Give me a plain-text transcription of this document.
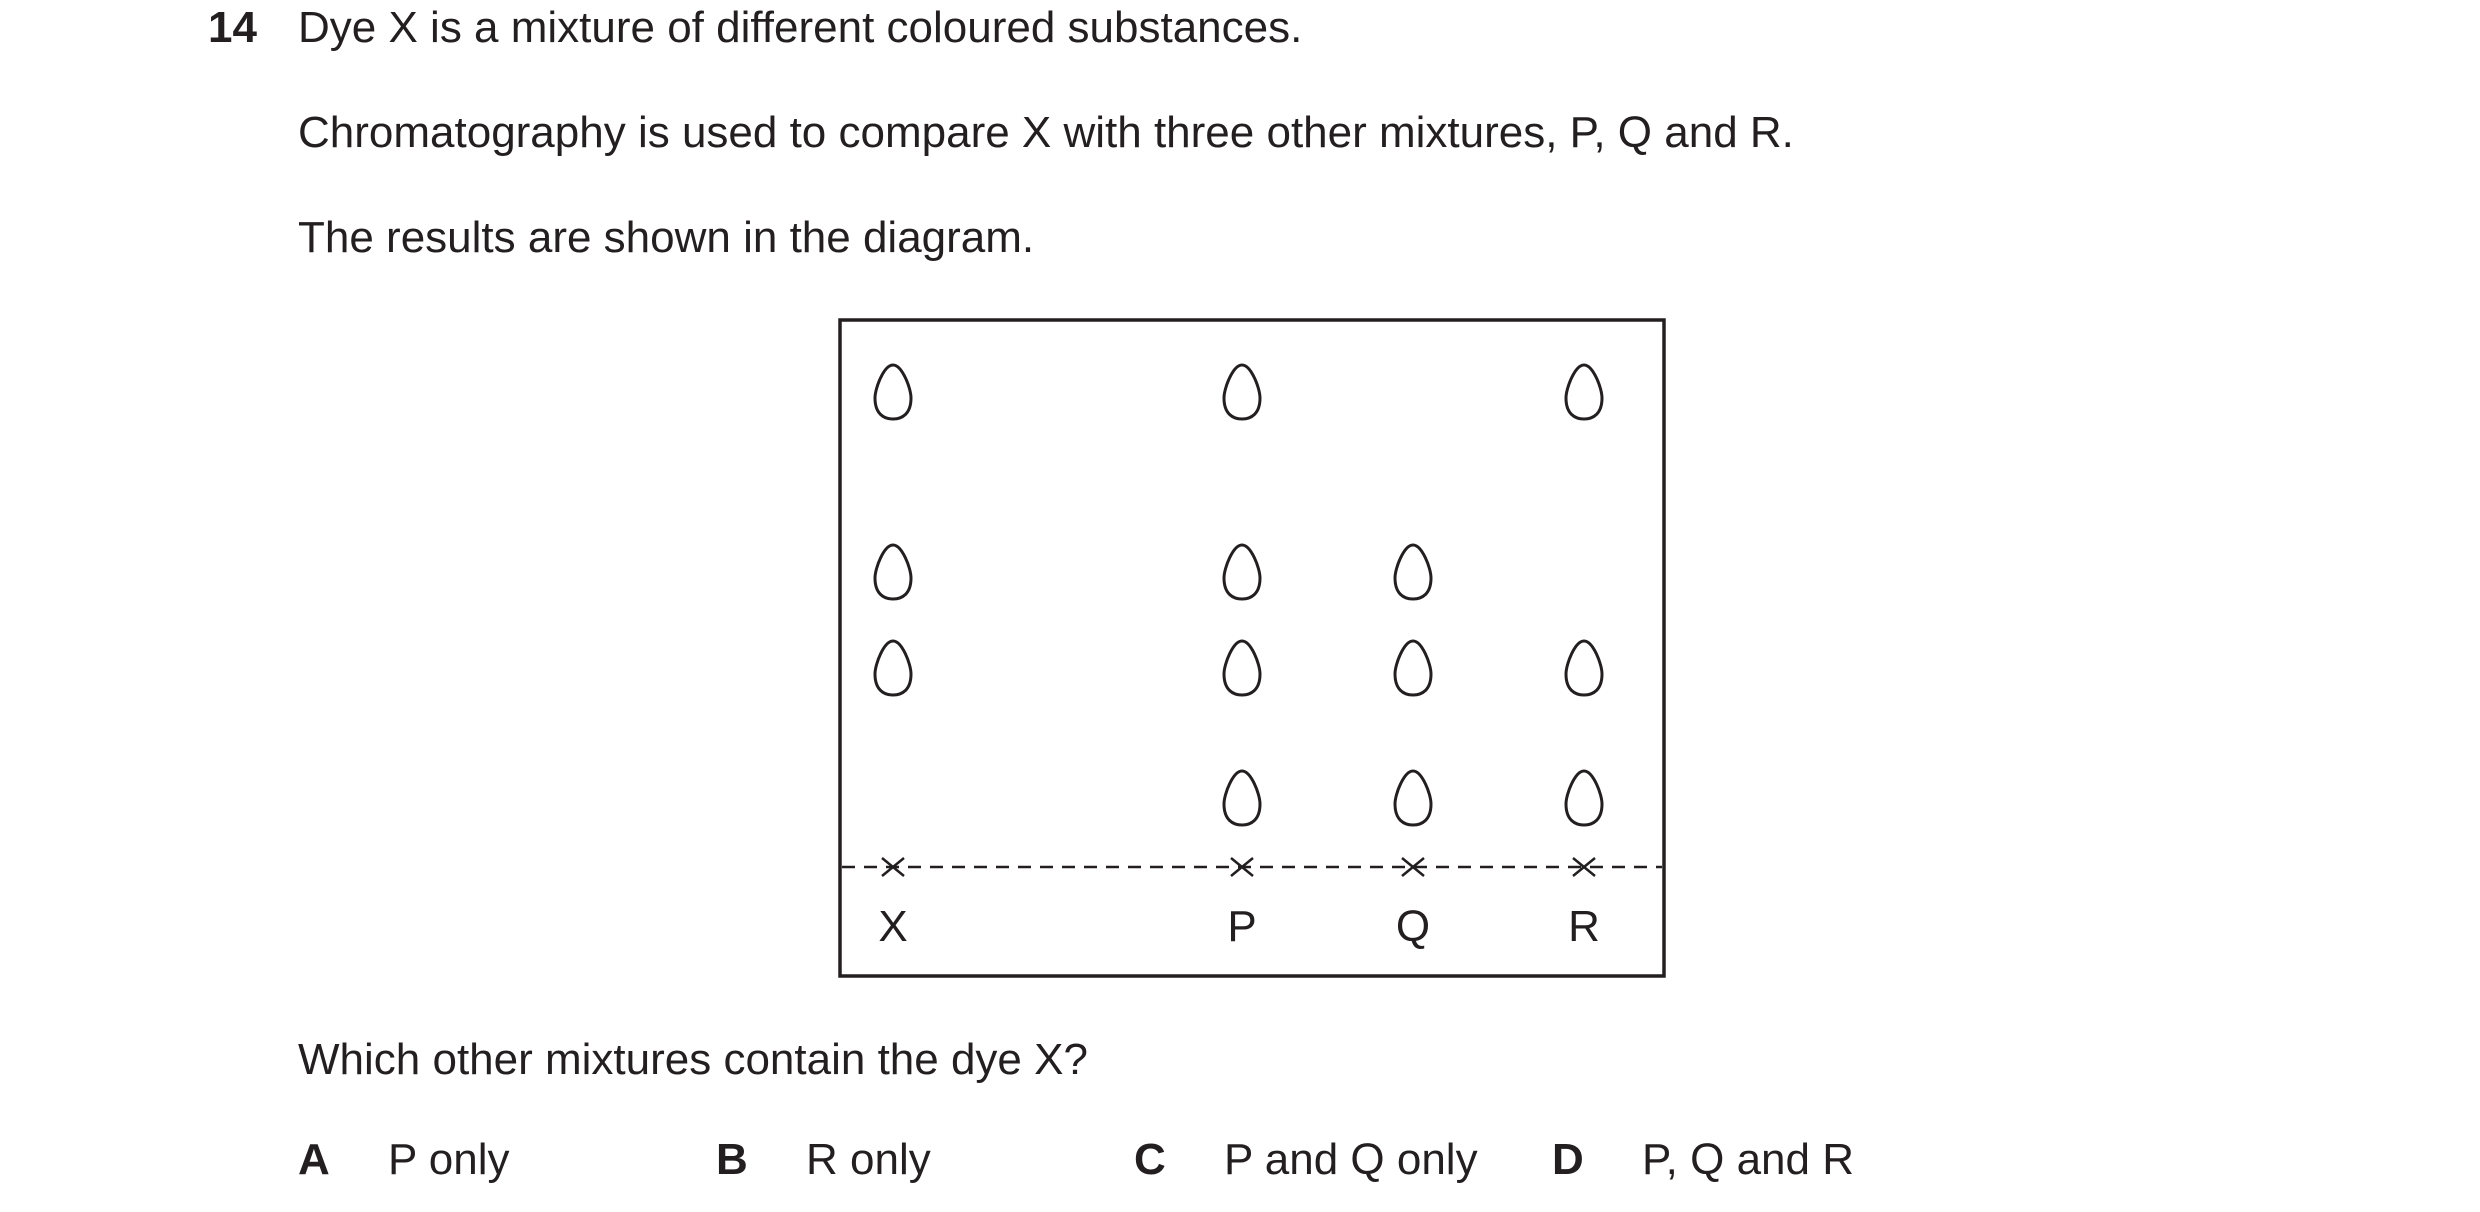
14 Dye X is a mixture of different coloured substances.
Chromatography is used to compare X with three other mixtures, P, Q and R.
The results are shown in the diagram.
X	P	Q	R
Which other mixtures contain the dye X?
A P only	B R only	C P and Q only D P, Q and R
